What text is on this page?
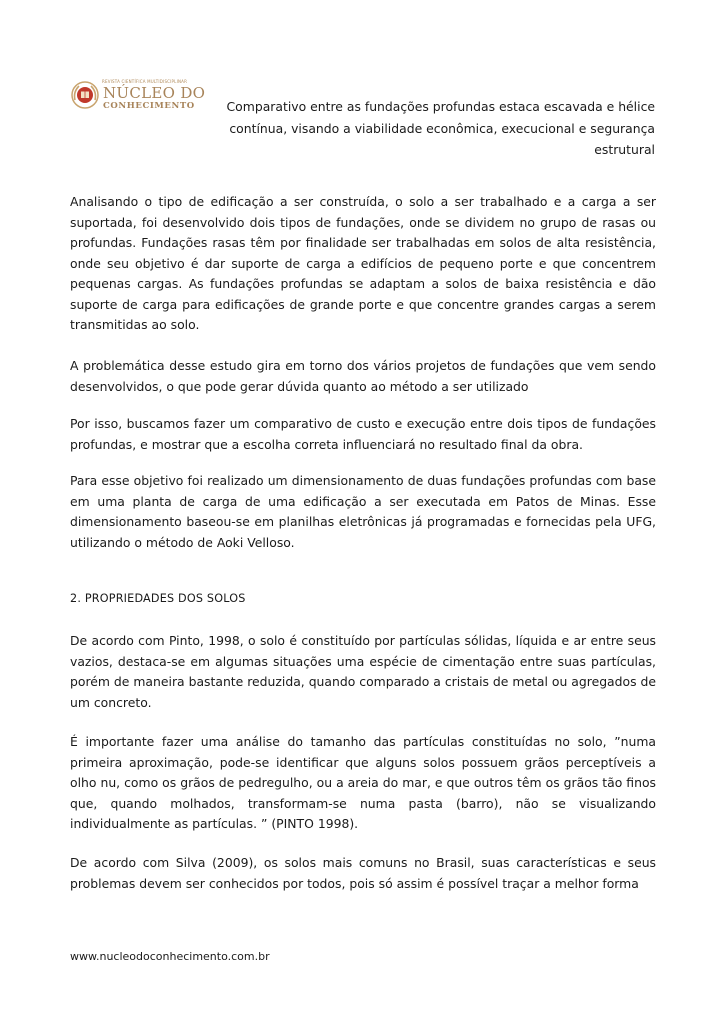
REVISTA CIENTÍFICA MULTIDISCIPLINAR
NÚCLEO DO
CONHECIMENTO	Comparativo entre as fundações profundas estaca escavada e hélice contínua, visando a viabilidade econômica, execucional e segurança estrutural

Analisando o tipo de edificação a ser construída, o solo a ser trabalhado e a carga a ser suportada, foi desenvolvido dois tipos de fundações, onde se dividem no grupo de rasas ou profundas. Fundações rasas têm por finalidade ser trabalhadas em solos de alta resistência, onde seu objetivo é dar suporte de carga a edifícios de pequeno porte e que concentrem pequenas cargas. As fundações profundas se adaptam a solos de baixa resistência e dão suporte de carga para edificações de grande porte e que concentre grandes cargas a serem transmitidas ao solo.

A problemática desse estudo gira em torno dos vários projetos de fundações que vem sendo desenvolvidos, o que pode gerar dúvida quanto ao método a ser utilizado

Por isso, buscamos fazer um comparativo de custo e execução entre dois tipos de fundações profundas, e mostrar que a escolha correta influenciará no resultado final da obra.

Para esse objetivo foi realizado um dimensionamento de duas fundações profundas com base em uma planta de carga de uma edificação a ser executada em Patos de Minas. Esse dimensionamento baseou-se em planilhas eletrônicas já programadas e fornecidas pela UFG, utilizando o método de Aoki Velloso.

2. PROPRIEDADES DOS SOLOS

De acordo com Pinto, 1998, o solo é constituído por partículas sólidas, líquida e ar entre seus vazios, destaca-se em algumas situações uma espécie de cimentação entre suas partículas, porém de maneira bastante reduzida, quando comparado a cristais de metal ou agregados de um concreto.

É importante fazer uma análise do tamanho das partículas constituídas no solo, ”numa primeira aproximação, pode-se identificar que alguns solos possuem grãos perceptíveis a olho nu, como os grãos de pedregulho, ou a areia do mar, e que outros têm os grãos tão finos que, quando molhados, transformam-se numa pasta (barro), não se visualizando individualmente as partículas. ” (PINTO 1998).

De acordo com Silva (2009), os solos mais comuns no Brasil, suas características e seus problemas devem ser conhecidos por todos, pois só assim é possível traçar a melhor forma

www.nucleodoconhecimento.com.br
